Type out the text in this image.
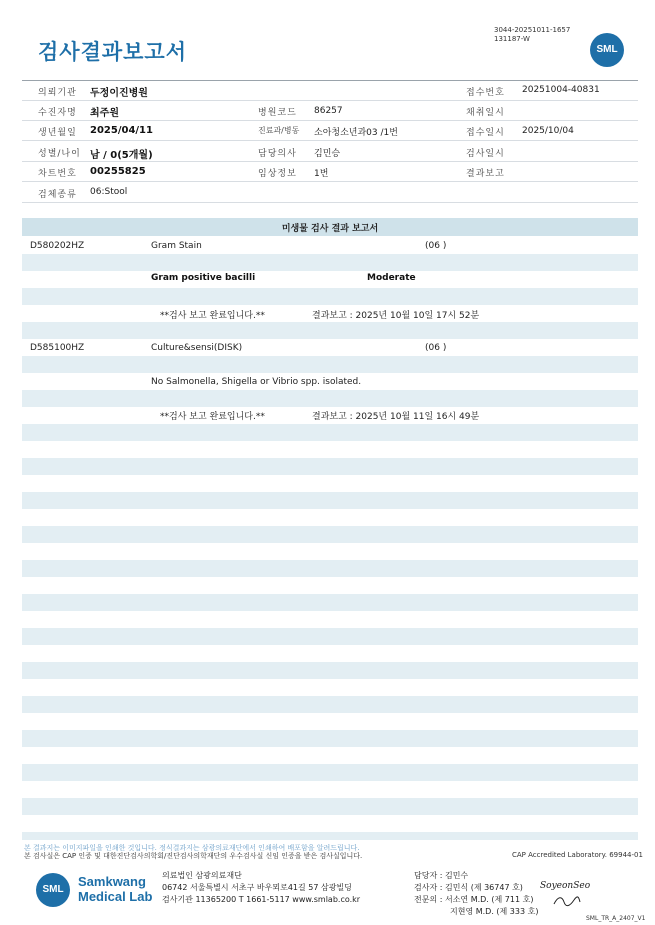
검사결과보고서
3044-20251011-1657
131187-W
SML
의뢰기관 두정이진병원	접수번호 20251004-40831
수진자명 최주원	병원코드 86257	채취일시
생년월일 2025/04/11	진료과/병동 소아청소년과03 /1번	접수일시 2025/10/04
성별/나이 남 / 0(5개월)	담당의사 김민승	검사일시
차트번호 00255825	임상정보 1번	결과보고
검체종류 06:Stool
미생물 검사 결과 보고서
D580202HZ	Gram Stain	(06 )
Gram positive bacilli	Moderate
**검사 보고 완료입니다.**	결과보고 : 2025년 10월 10일 17시 52분
D585100HZ	Culture&sensi(DISK)	(06 )
No Salmonella, Shigella or Vibrio spp. isolated.
**검사 보고 완료입니다.**	결과보고 : 2025년 10월 11일 16시 49분
본 결과지는 이미지파일을 인쇄한 것입니다. 정식결과지는 삼광의료재단에서 인쇄하여 배포함을 알려드립니다.
본 검사실은 CAP 인증 및 대한진단검사의학회/진단검사의학재단의 우수검사실 신임 인증을 받은 검사실입니다.	CAP Accredited Laboratory. 69944-01
SML
Samkwang
Medical Lab
의료법인 삼광의료재단
06742 서울특별시 서초구 바우뫼로41길 57 삼광빌딩
검사기관 11365200 T 1661-5117 www.smlab.co.kr
담당자 : 김민수
검사자 : 김민식 (제 36747 호)
전문의 : 서소연 M.D. (제 711 호)
지현영 M.D. (제 333 호)
SoyeonSeo
SML_TR_A_2407_V1
